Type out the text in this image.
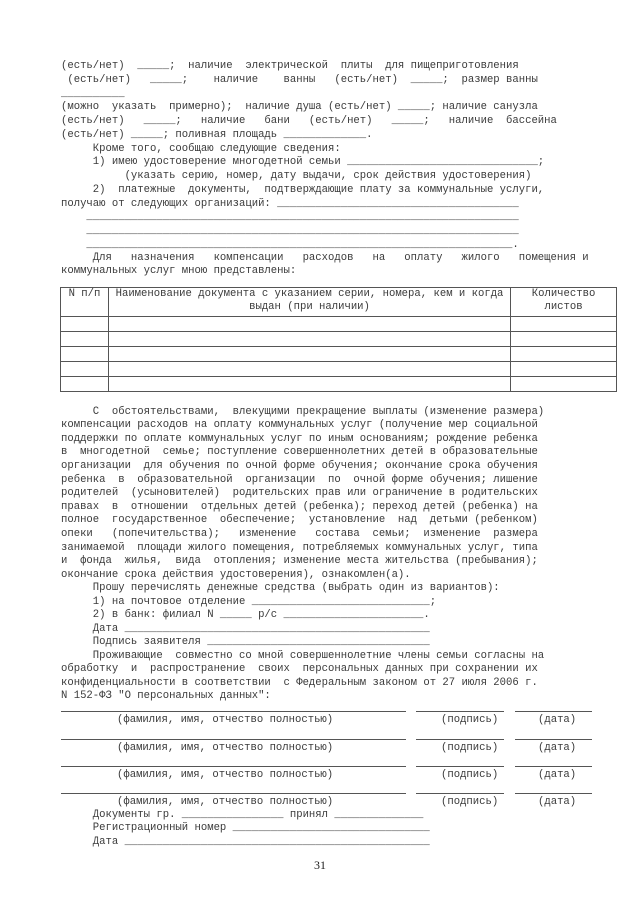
(есть/нет)  _____;  наличие  электрической  плиты  для пищеприготовления
(есть/нет)   _____;    наличие    ванны   (есть/нет)  _____;  размер ванны
__________
(можно  указать  примерно);  наличие душа (есть/нет) _____; наличие санузла
(есть/нет)   _____;   наличие   бани   (есть/нет)   _____;   наличие  бассейна
(есть/нет) _____; поливная площадь _____________.
Кроме того, сообщаю следующие сведения:
1) имею удостоверение многодетной семьи ______________________________;
(указать серию, номер, дату выдачи, срок действия удостоверения)
2)  платежные  документы,  подтверждающие плату за коммунальные услуги,
получаю от следующих организаций: ______________________________________
____________________________________________________________________
____________________________________________________________________
___________________________________________________________________.
Для   назначения   компенсации   расходов   на   оплату   жилого   помещения и
коммунальных услуг мною представлены:
N п/п	Наименование документа с указанием серии, номера, кем и когда выдан (при наличии)	Количество листов

С  обстоятельствами,  влекущими прекращение выплаты (изменение размера)
компенсации расходов на оплату коммунальных услуг (получение мер социальной
поддержки по оплате коммунальных услуг по иным основаниям; рождение ребенка
в  многодетной  семье; поступление совершеннолетних детей в образовательные
организации  для обучения по очной форме обучения; окончание срока обучения
ребенка  в  образовательной  организации  по  очной форме обучения; лишение
родителей  (усыновителей)  родительских прав или ограничение в родительских
правах  в  отношении  отдельных детей (ребенка); переход детей (ребенка) на
полное  государственное  обеспечение;  установление  над  детьми (ребенком)
опеки   (попечительства);   изменение   состава  семьи;  изменение  размера
занимаемой  площади жилого помещения, потребляемых коммунальных услуг, типа
и  фонда  жилья,  вида  отопления; изменение места жительства (пребывания);
окончание срока действия удостоверения), ознакомлен(а).
Прошу перечислять денежные средства (выбрать один из вариантов):
1) на почтовое отделение ____________________________;
2) в банк: филиал N _____ р/с ______________________.
Дата ________________________________________________
Подпись заявителя ___________________________________
Проживающие  совместно со мной совершеннолетние члены семьи согласны на
обработку  и  распространение  своих  персональных данных при сохранении их
конфиденциальности в соответствии  с Федеральным законом от 27 июля 2006 г.
N 152-ФЗ "О персональных данных":
(фамилия, имя, отчество полностью)	(подпись)	(дата)
(фамилия, имя, отчество полностью)	(подпись)	(дата)
(фамилия, имя, отчество полностью)	(подпись)	(дата)
(фамилия, имя, отчество полностью)	(подпись)	(дата)
Документы гр. ________________ принял ______________
Регистрационный номер _______________________________
Дата ________________________________________________
31
